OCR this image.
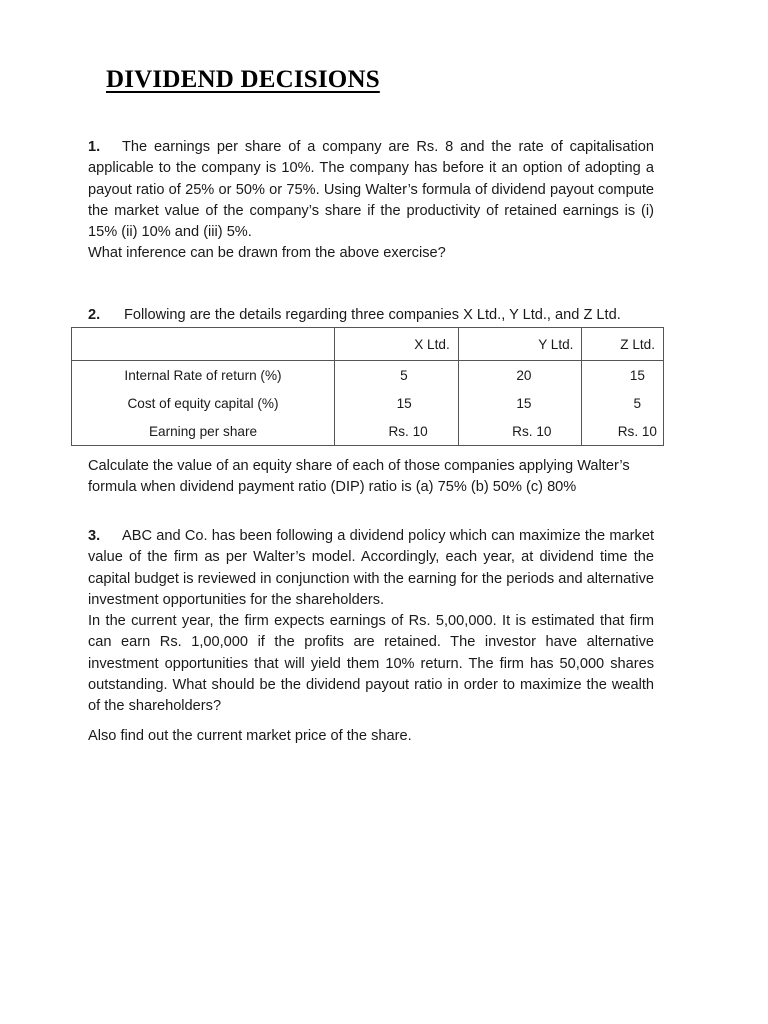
DIVIDEND DECISIONS

1. The earnings per share of a company are Rs. 8 and the rate of capitalisation applicable to the company is 10%. The company has before it an option of adopting a payout ratio of 25% or 50% or 75%. Using Walter’s formula of dividend payout compute the market value of the company’s share if the productivity of retained earnings is (i) 15% (ii) 10% and (iii) 5%.

What inference can be drawn from the above exercise?

2. Following are the details regarding three companies X Ltd., Y Ltd., and Z Ltd.
	X Ltd.	Y Ltd.	Z Ltd.
Internal Rate of return (%)	5	20	15
Cost of equity capital (%)	15	15	5
Earning per share	Rs. 10	Rs. 10	Rs. 10

Calculate the value of an equity share of each of those companies applying Walter’s formula when dividend payment ratio (DIP) ratio is (a) 75% (b) 50% (c) 80%

3. ABC and Co. has been following a dividend policy which can maximize the market value of the firm as per Walter’s model. Accordingly, each year, at dividend time the capital budget is reviewed in conjunction with the earning for the periods and alternative investment opportunities for the shareholders.

In the current year, the firm expects earnings of Rs. 5,00,000. It is estimated that firm can earn Rs. 1,00,000 if the profits are retained. The investor have alternative investment opportunities that will yield them 10% return. The firm has 50,000 shares outstanding. What should be the dividend payout ratio in order to maximize the wealth of the shareholders?

Also find out the current market price of the share.
